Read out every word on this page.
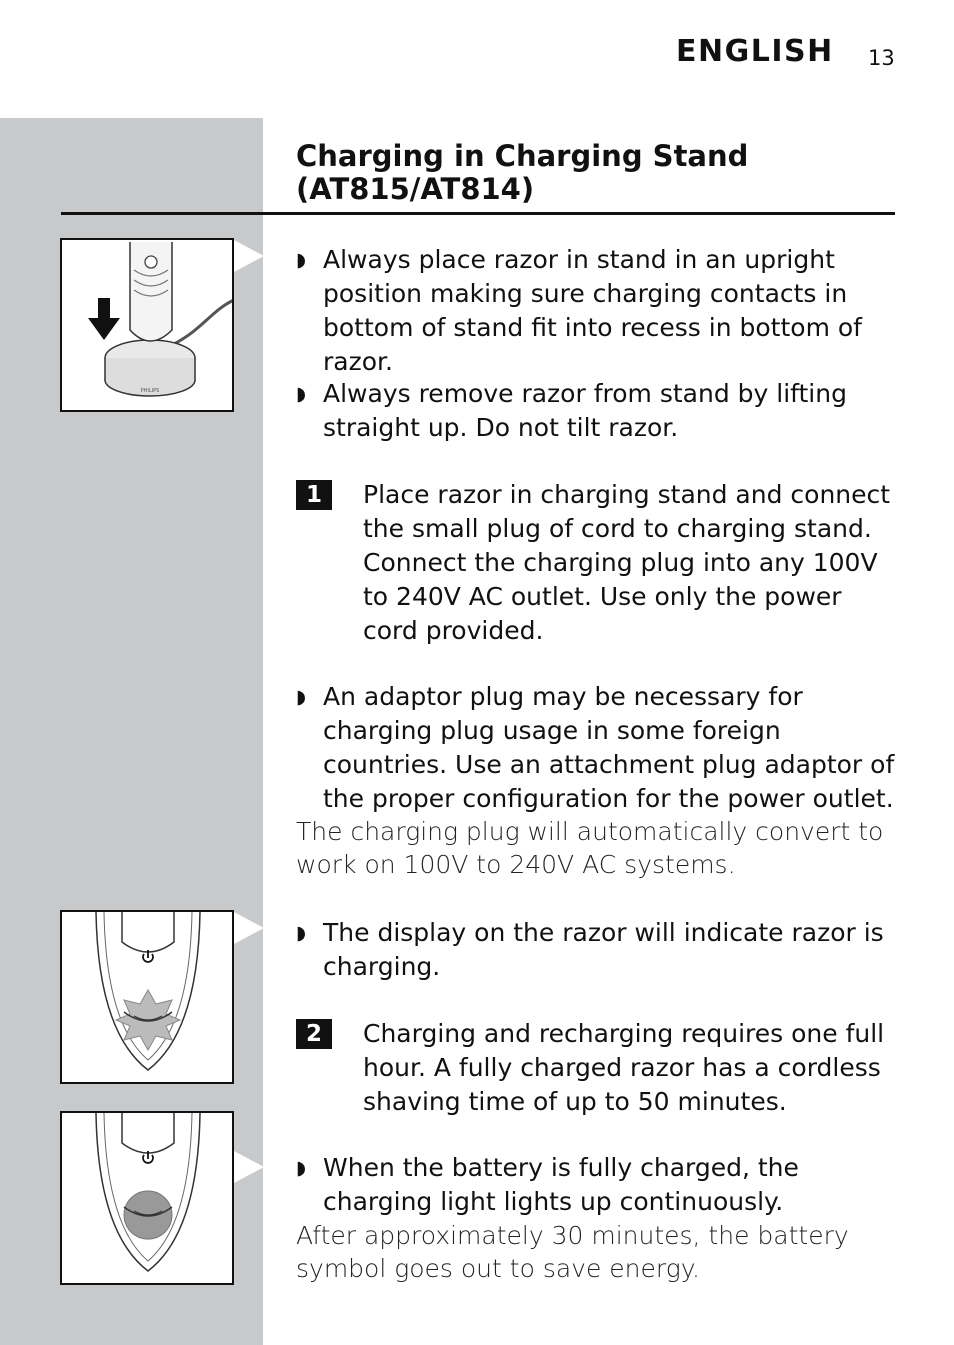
ENGLISH 13
Charging in Charging Stand
(AT815/AT814)
PHILIPS
◗ Always place razor in stand in an upright position making sure charging contacts in bottom of stand fit into recess in bottom of razor.
◗ Always remove razor from stand by lifting straight up. Do not tilt razor.
1	Place razor in charging stand and connect the small plug of cord to charging stand. Connect the charging plug into any 100V to 240V AC outlet. Use only the power cord provided.
◗ An adaptor plug may be necessary for charging plug usage in some foreign countries. Use an attachment plug adaptor of the proper configuration for the power outlet.
The charging plug will automatically convert to work on 100V to 240V AC systems.
◗ The display on the razor will indicate razor is charging.
2	Charging and recharging requires one full hour. A fully charged razor has a cordless shaving time of up to 50 minutes.
◗ When the battery is fully charged, the charging light lights up continuously.
After approximately 30 minutes, the battery symbol goes out to save energy.
